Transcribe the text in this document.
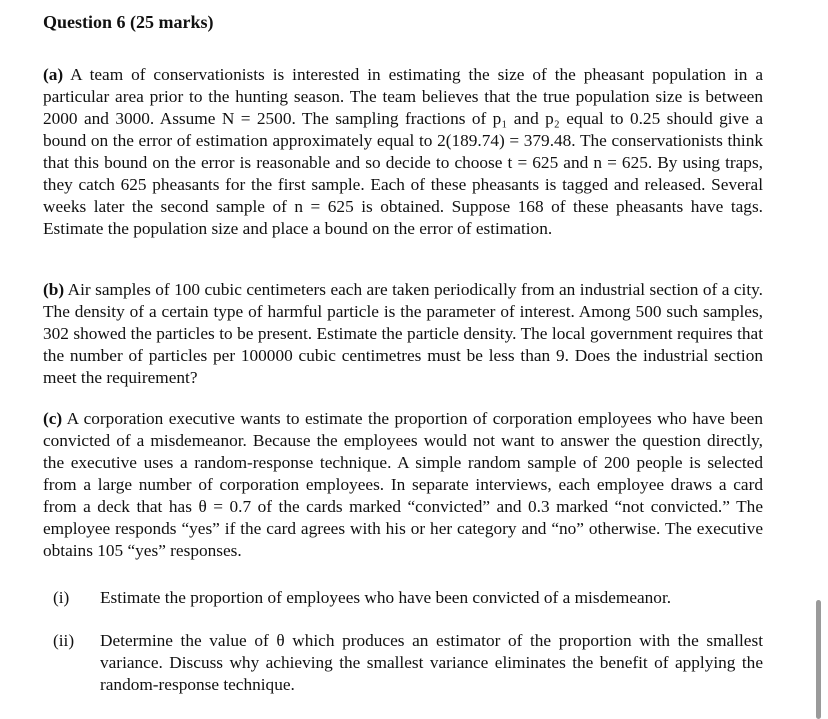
Question 6 (25 marks)
(a) A team of conservationists is interested in estimating the size of the pheasant population in a particular area prior to the hunting season. The team believes that the true population size is between 2000 and 3000. Assume N = 2500. The sampling fractions of p₁ and p₂ equal to 0.25 should give a bound on the error of estimation approximately equal to 2(189.74) = 379.48. The conservationists think that this bound on the error is reasonable and so decide to choose t = 625 and n = 625. By using traps, they catch 625 pheasants for the first sample. Each of these pheasants is tagged and released. Several weeks later the second sample of n = 625 is obtained. Suppose 168 of these pheasants have tags. Estimate the population size and place a bound on the error of estimation.
(b) Air samples of 100 cubic centimeters each are taken periodically from an industrial section of a city. The density of a certain type of harmful particle is the parameter of interest. Among 500 such samples, 302 showed the particles to be present. Estimate the particle density. The local government requires that the number of particles per 100000 cubic centimetres must be less than 9. Does the industrial section meet the requirement?
(c) A corporation executive wants to estimate the proportion of corporation employees who have been convicted of a misdemeanor. Because the employees would not want to answer the question directly, the executive uses a random-response technique. A simple random sample of 200 people is selected from a large number of corporation employees. In separate interviews, each employee draws a card from a deck that has θ = 0.7 of the cards marked “convicted” and 0.3 marked “not convicted.” The employee responds “yes” if the card agrees with his or her category and “no” otherwise. The executive obtains 105 “yes” responses.
(i) Estimate the proportion of employees who have been convicted of a misdemeanor.
(ii) Determine the value of θ which produces an estimator of the proportion with the smallest variance. Discuss why achieving the smallest variance eliminates the benefit of applying the random-response technique.
